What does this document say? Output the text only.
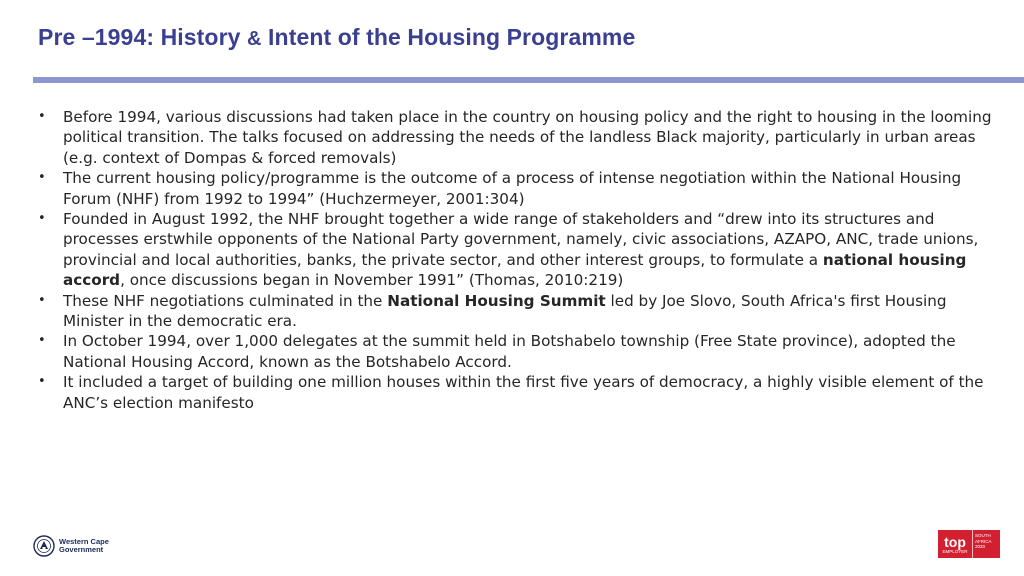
Pre –1994: History & Intent of the Housing Programme
• Before 1994, various discussions had taken place in the country on housing policy and the right to housing in the looming political transition. The talks focused on addressing the needs of the landless Black majority, particularly in urban areas (e.g. context of Dompas & forced removals)
• The current housing policy/programme is the outcome of a process of intense negotiation within the National Housing Forum (NHF) from 1992 to 1994” (Huchzermeyer, 2001:304)
• Founded in August 1992, the NHF brought together a wide range of stakeholders and “drew into its structures and processes erstwhile opponents of the National Party government, namely, civic associations, AZAPO, ANC, trade unions, provincial and local authorities, banks, the private sector, and other interest groups, to formulate a national housing accord, once discussions began in November 1991” (Thomas, 2010:219)
• These NHF negotiations culminated in the National Housing Summit led by Joe Slovo, South Africa's first Housing Minister in the democratic era.
• In October 1994, over 1,000 delegates at the summit held in Botshabelo township (Free State province), adopted the National Housing Accord, known as the Botshabelo Accord.
• It included a target of building one million houses within the first five years of democracy, a highly visible element of the ANC’s election manifesto
Western Cape
Government	top
EMPLOYER
SOUTH
AFRICA
2020
